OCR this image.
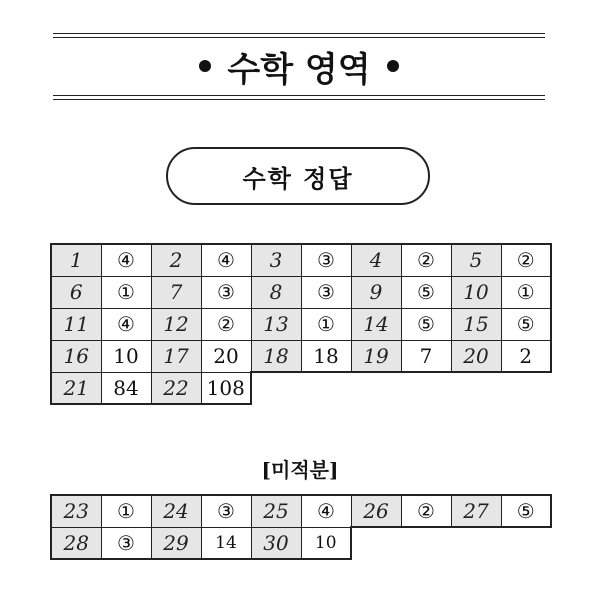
수학 영역
수학 정답
1	④	2	④	3	③	4	②	5	②
6	①	7	③	8	③	9	⑤	10	①
11	④	12	②	13	①	14	⑤	15	⑤
16	10	17	20	18	18	19	7	20	2
21	84	22	108						
[미적분]
23	①	24	③	25	④	26	②	27	⑤
28	③	29	14	30	10				
